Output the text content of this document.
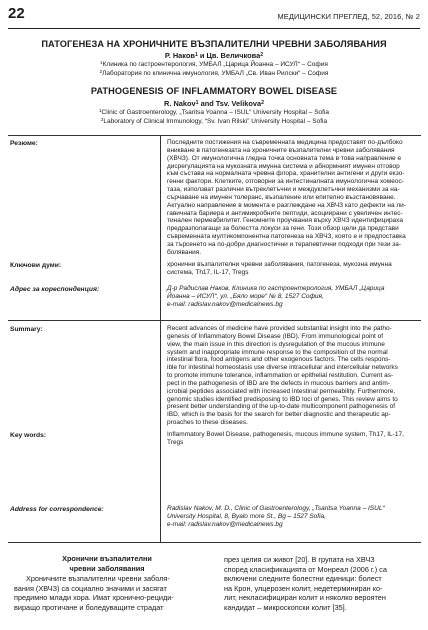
22	МЕДИЦИНСКИ ПРЕГЛЕД, 52, 2016, № 2
ПАТОГЕНЕЗА НА ХРОНИЧНИТЕ ВЪЗПАЛИТЕЛНИ ЧРЕВНИ ЗАБОЛЯВАНИЯ
Р. Наков$^1$ и Цв. Величкова$^2$
$^1$Клиника по гастроентерология, УМБАЛ „Царица Йоанна – ИСУЛ“ – София
$^2$Лаборатория по клинична имунология, УМБАЛ „Св. Иван Рилски“ – София
PATHOGENESIS OF INFLAMMATORY BOWEL DISEASE
R. Nakov$^1$ and Tsv. Velikova$^2$
$^1$Clinic of Gastroenterology, „Tsaritsa Yoanna – ISUL“ University Hospital – Sofia
$^2$Laboratory of Clinical Immunology, “Sv. Ivan Rilski” University Hospital – Sofia
Резюме:	Последните постижения на съвременната медицина предоставят по-дълбоко
вникване в патогенезата на хроничните възпалителни чревни заболявания
(ХВЧЗ). От имунологична гледна точка основната тема в това направление е
дисрегулацията на мукозната имунна система и абнормният имунен отговор
към съставa на нормалната чревна флора, хранителни антигени и други екзо-
генни фактори. Клетките, отговорни за интестиналната имунологична хомеос-
таза, използват различни вътреклетъчни и междуклетъчни механизми за на-
сърчаване на имунен толеранс, възпаление или епително възстановяване.
Актуално направление в момента е разглеждане на ХВЧЗ като дефекти на ли-
гавичната бариера и антимикробните пептиди, асоциирани с увеличен интес-
тинален пермеабилитет. Геномните проучвания върху ХВЧЗ идентифицираха
предразполагащи за болестта локуси за гени. Този обзор цели да представи
съвременната мултикомпонентна патогенеза на ХВЧЗ, която е и предпоставка
за търсенето на по-добри диагностични и терапевтични подходи при тези за-
болявания.
Ключови думи:	хронични възпалителни чревни заболявания, патогенеза, мукозна имунна
система, Th17, IL-17, Tregs
Адрес за кореспонденция:	Д-р Радислав Наков, Клиника по гастроентерология, УМБАЛ „Царица
Йоанна – ИСУЛ“, ул. „Бяло море“ № 8, 1527 София,
e-mail: radislav.nakov@medicalnews.bg
Summary:	Recent advances of medicine have provided substantial insight into the patho-
genesis of Inflammatory Bowel Disease (IBD). From immunological point of
view, the main issue in this direction is dysregulation of the mucous immune
system and inappropriate immune response to the composition of the normal
intestinal flora, food antigens and other exogenous factors. The cells respons-
ible for intestinal homeostasis use diverse intracellular and intercellular networks
to promote immune tolerance, inflammation or epithelial restitution. Current as-
pect in the pathogenesis of IBD are the defects in mucous barriers and antim-
icrobial peptides associated with increased intestinal permeability. Furthermore,
genomic studies identified predisposing to IBD loci of genes. This review aims to
present better understanding of the up-to-date multicomponent pathogenesis of
IBD, which is the basis for the search for better diagnostic and therapeutic ap-
proaches to these diseases.
Key words:	Inflammatory Bowel Disease, pathogenesis, mucous immune system, Th17, IL-17,
Tregs
Address for correspondence:	Radislav Nakov, M. D., Clinic of Gastroenterology, „Tsaritsa Yoanna – ISUL“
University Hospital, 8, Byalo more St., Bg – 1527 Sofia,
e-mail: radislav.nakov@medicalnews.bg
Хронични възпалителни
чревни заболявания
Хроничните възпалителни чревни заболя-
вания (ХВЧЗ) са социално значими и засягат
предимно млади хора. Имат хронично-рециди-
виращо протичане и боледуващите страдат
през целия си живот [20]. В групата на ХВЧЗ
според класификацията от Монреал (2006 г.) са
включени следните болестни единици: болест
на Крон, улцерозен колит, недетерминиран ко-
лит, некласифициран колит и няколко вероятен
кандидат – микроскопски колит [35].
